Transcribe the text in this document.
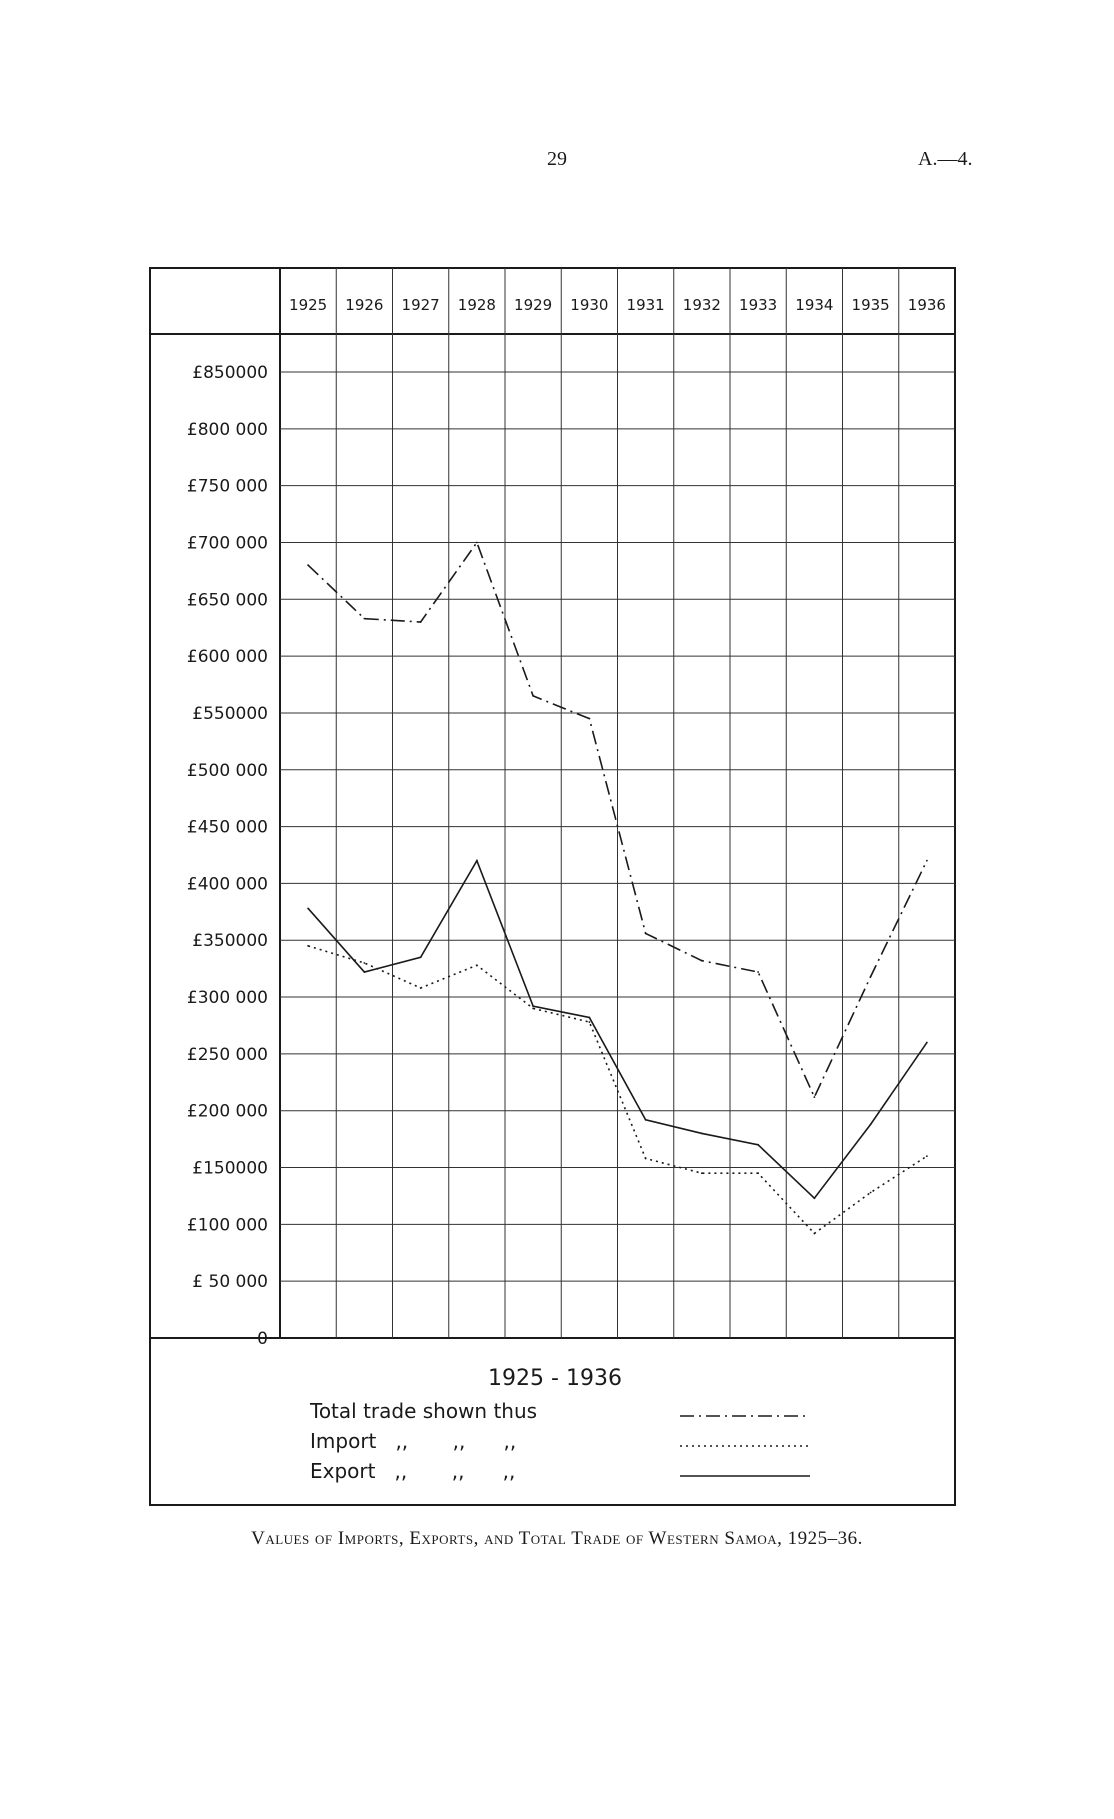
29	A.—4.
1925 1926 1927 1928 1929 1930 1931 1932 1933 1934 1935 1936
£850000
£800 000
£750 000
£700 000
£650 000
£600 000
£550000
£500 000
£450 000
£400 000
£350000
£300 000
£250 000
£200 000
£150000
£100 000
£ 50 000
0
1925 - 1936
Total trade shown thus
Import   ,,       ,,      ,,
Export   ,,       ,,      ,,
Values of Imports, Exports, and Total Trade of Western Samoa, 1925–36.
